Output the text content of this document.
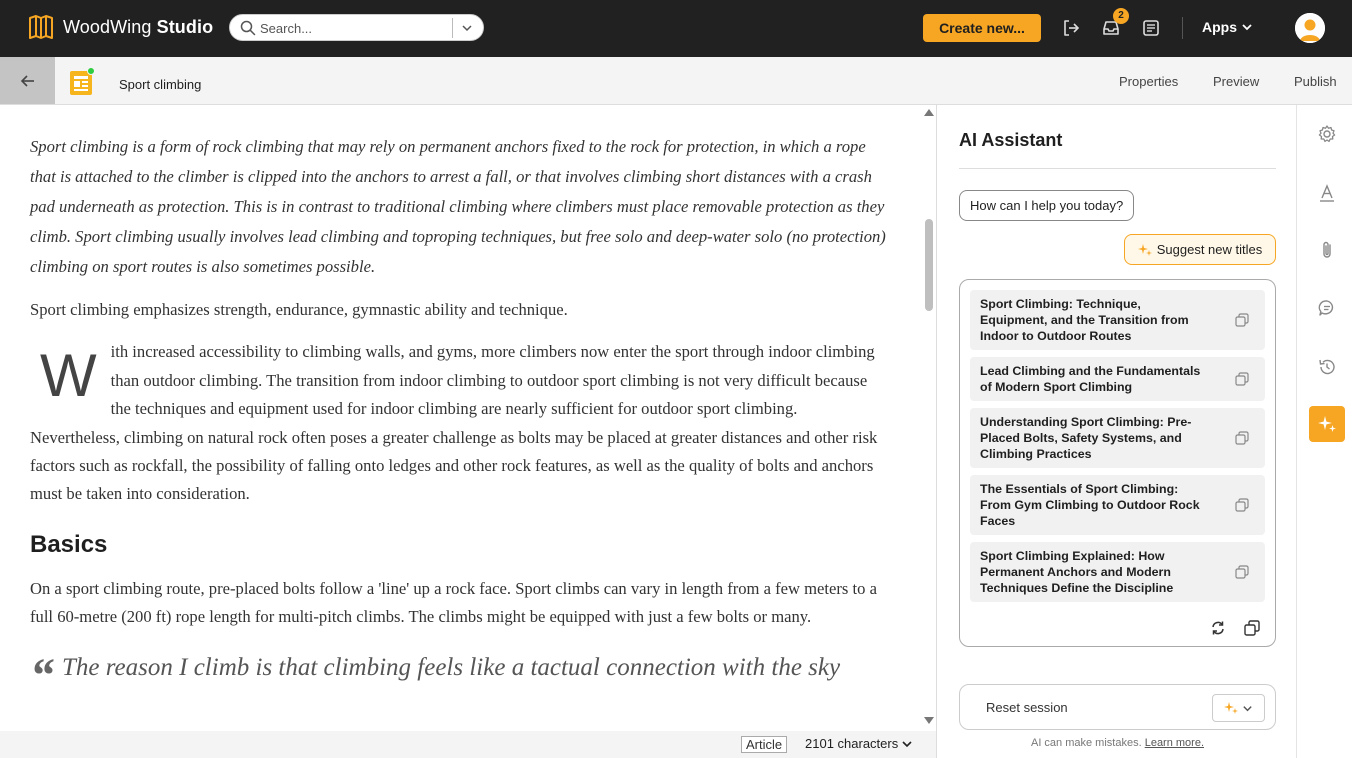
WoodWing Studio
Search...	Create new...
2
Apps
Sport climbing	Properties	Preview	Publish

Sport climbing is a form of rock climbing that may rely on permanent anchors fixed to the rock for protection, in which a rope that is attached to the climber is clipped into the anchors to arrest a fall, or that involves climbing short distances with a crash pad underneath as protection. This is in contrast to traditional climbing where climbers must place removable protection as they climb. Sport climbing usually involves lead climbing and toproping techniques, but free solo and deep-water solo (no protection) climbing on sport routes is also sometimes possible.

Sport climbing emphasizes strength, endurance, gymnastic ability and technique.

With increased accessibility to climbing walls, and gyms, more climbers now enter the sport through indoor climbing than outdoor climbing. The transition from indoor climbing to outdoor sport climbing is not very difficult because the techniques and equipment used for indoor climbing are nearly sufficient for outdoor sport climbing. Nevertheless, climbing on natural rock often poses a greater challenge as bolts may be placed at greater distances and other risk factors such as rockfall, the possibility of falling onto ledges and other rock features, as well as the quality of bolts and anchors must be taken into consideration.

Basics

On a sport climbing route, pre-placed bolts follow a 'line' up a rock face. Sport climbs can vary in length from a few meters to a full 60-metre (200 ft) rope length for multi-pitch climbs. The climbs might be equipped with just a few bolts or many.

“ The reason I climb is that climbing feels like a tactual connection with the sky
Article	2101 characters
AI Assistant
How can I help you today?
Suggest new titles
Sport Climbing: Technique, Equipment, and the Transition from Indoor to Outdoor Routes
Lead Climbing and the Fundamentals of Modern Sport Climbing
Understanding Sport Climbing: Pre-Placed Bolts, Safety Systems, and Climbing Practices
The Essentials of Sport Climbing: From Gym Climbing to Outdoor Rock Faces
Sport Climbing Explained: How Permanent Anchors and Modern Techniques Define the Discipline
Reset session
AI can make mistakes. Learn more.
